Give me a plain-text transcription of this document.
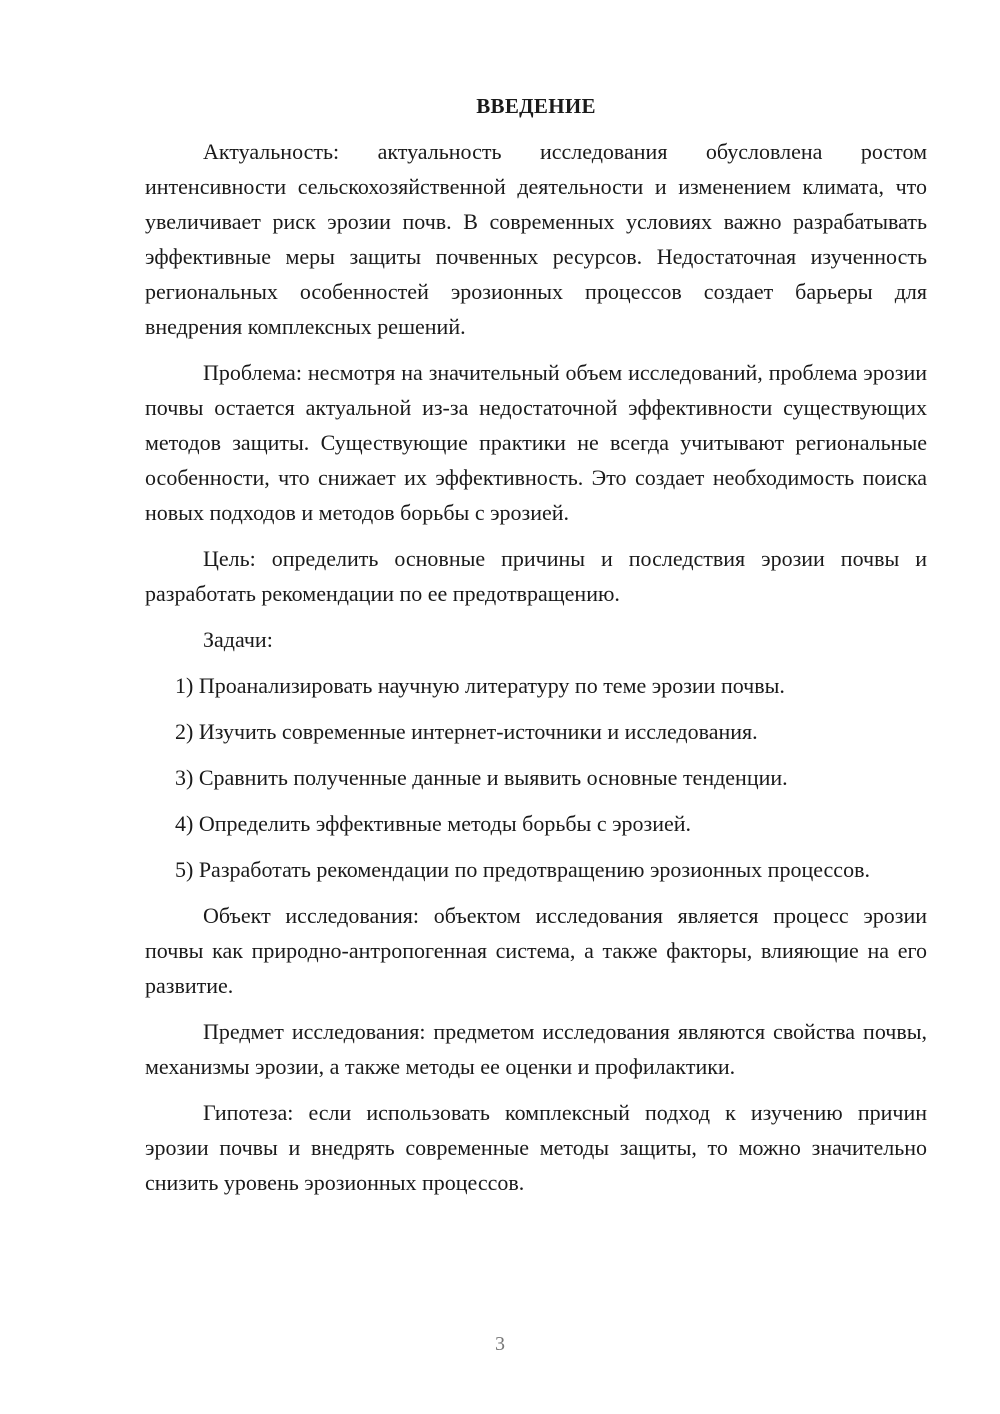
ВВЕДЕНИЕ

Актуальность: актуальность исследования обусловлена ростом интенсивности сельскохозяйственной деятельности и изменением климата, что увеличивает риск эрозии почв. В современных условиях важно разрабатывать эффективные меры защиты почвенных ресурсов. Недостаточная изученность региональных особенностей эрозионных процессов создает барьеры для внедрения комплексных решений.

Проблема: несмотря на значительный объем исследований, проблема эрозии почвы остается актуальной из-за недостаточной эффективности существующих методов защиты. Существующие практики не всегда учитывают региональные особенности, что снижает их эффективность. Это создает необходимость поиска новых подходов и методов борьбы с эрозией.

Цель: определить основные причины и последствия эрозии почвы и разработать рекомендации по ее предотвращению.

Задачи:

1) Проанализировать научную литературу по теме эрозии почвы.

2) Изучить современные интернет-источники и исследования.

3) Сравнить полученные данные и выявить основные тенденции.

4) Определить эффективные методы борьбы с эрозией.

5) Разработать рекомендации по предотвращению эрозионных процессов.

Объект исследования: объектом исследования является процесс эрозии почвы как природно-антропогенная система, а также факторы, влияющие на его развитие.

Предмет исследования: предметом исследования являются свойства почвы, механизмы эрозии, а также методы ее оценки и профилактики.

Гипотеза: если использовать комплексный подход к изучению причин эрозии почвы и внедрять современные методы защиты, то можно значительно снизить уровень эрозионных процессов.

3
